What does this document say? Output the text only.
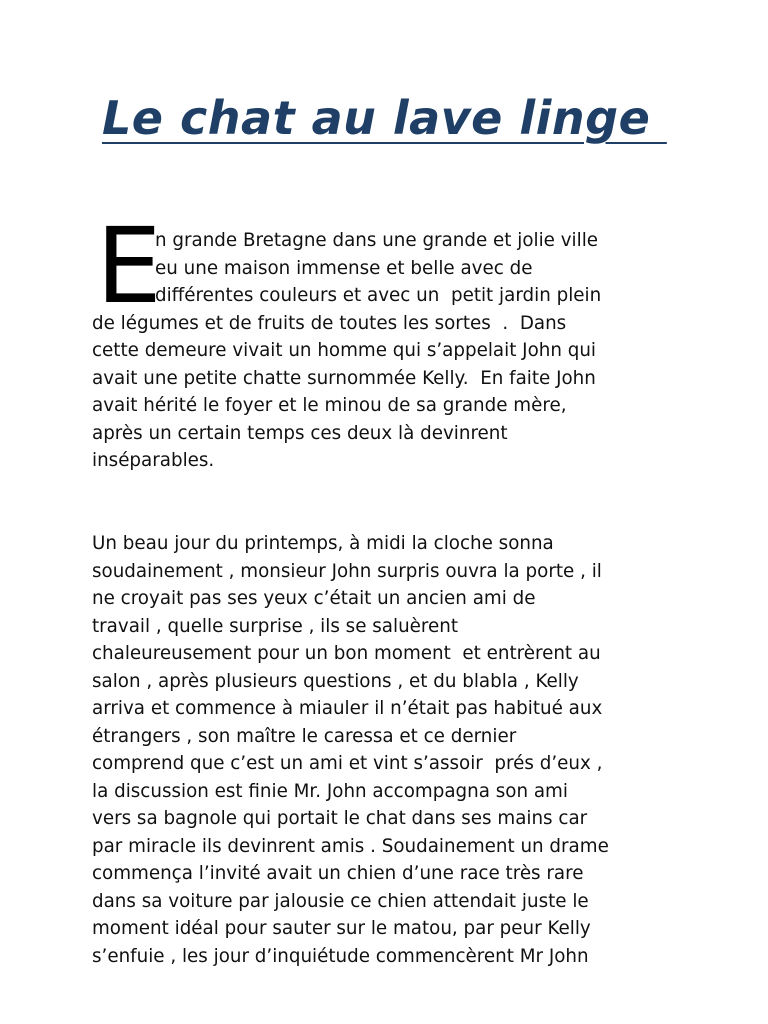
Le chat au lave linge
E
n grande Bretagne dans une grande et jolie ville
eu une maison immense et belle avec de
différentes couleurs et avec un  petit jardin plein
de légumes et de fruits de toutes les sortes  .  Dans
cette demeure vivait un homme qui s’appelait John qui
avait une petite chatte surnommée Kelly.  En faite John
avait hérité le foyer et le minou de sa grande mère,
après un certain temps ces deux là devinrent
inséparables.
Un beau jour du printemps, à midi la cloche sonna
soudainement , monsieur John surpris ouvra la porte , il
ne croyait pas ses yeux c’était un ancien ami de
travail , quelle surprise , ils se saluèrent
chaleureusement pour un bon moment  et entrèrent au
salon , après plusieurs questions , et du blabla , Kelly
arriva et commence à miauler il n’était pas habitué aux
étrangers , son maître le caressa et ce dernier
comprend que c’est un ami et vint s’assoir  prés d’eux ,
la discussion est finie Mr. John accompagna son ami
vers sa bagnole qui portait le chat dans ses mains car
par miracle ils devinrent amis . Soudainement un drame
commença l’invité avait un chien d’une race très rare
dans sa voiture par jalousie ce chien attendait juste le
moment idéal pour sauter sur le matou, par peur Kelly
s’enfuie , les jour d’inquiétude commencèrent Mr John
